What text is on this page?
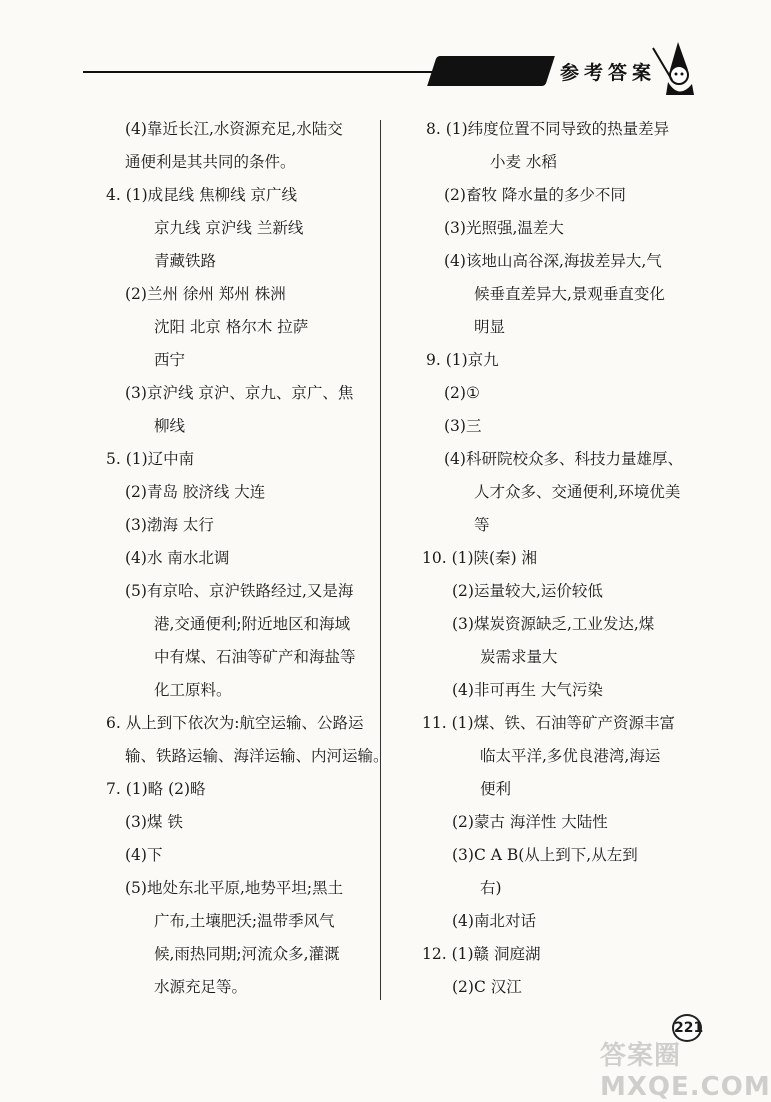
参考答案
(4)靠近长江,水资源充足,水陆交
通便利是其共同的条件。
4. (1)成昆线 焦柳线 京广线
京九线 京沪线 兰新线
青藏铁路
(2)兰州 徐州 郑州 株洲
沈阳 北京 格尔木 拉萨
西宁
(3)京沪线 京沪、京九、京广、焦
柳线
5. (1)辽中南
(2)青岛 胶济线 大连
(3)渤海 太行
(4)水 南水北调
(5)有京哈、京沪铁路经过,又是海
港,交通便利;附近地区和海域
中有煤、石油等矿产和海盐等
化工原料。
6. 从上到下依次为:航空运输、公路运
输、铁路运输、海洋运输、内河运输。
7. (1)略 (2)略
(3)煤 铁
(4)下
(5)地处东北平原,地势平坦;黑土
广布,土壤肥沃;温带季风气
候,雨热同期;河流众多,灌溉
水源充足等。
8. (1)纬度位置不同导致的热量差异
小麦 水稻
(2)畜牧 降水量的多少不同
(3)光照强,温差大
(4)该地山高谷深,海拔差异大,气
候垂直差异大,景观垂直变化
明显
9. (1)京九
(2)①
(3)三
(4)科研院校众多、科技力量雄厚、
人才众多、交通便利,环境优美
等
10. (1)陕(秦) 湘
(2)运量较大,运价较低
(3)煤炭资源缺乏,工业发达,煤
炭需求量大
(4)非可再生 大气污染
11. (1)煤、铁、石油等矿产资源丰富
临太平洋,多优良港湾,海运
便利
(2)蒙古 海洋性 大陆性
(3)C A B(从上到下,从左到
右)
(4)南北对话
12. (1)赣 洞庭湖
(2)C 汉江
221
答案圈 MXQE.COM
